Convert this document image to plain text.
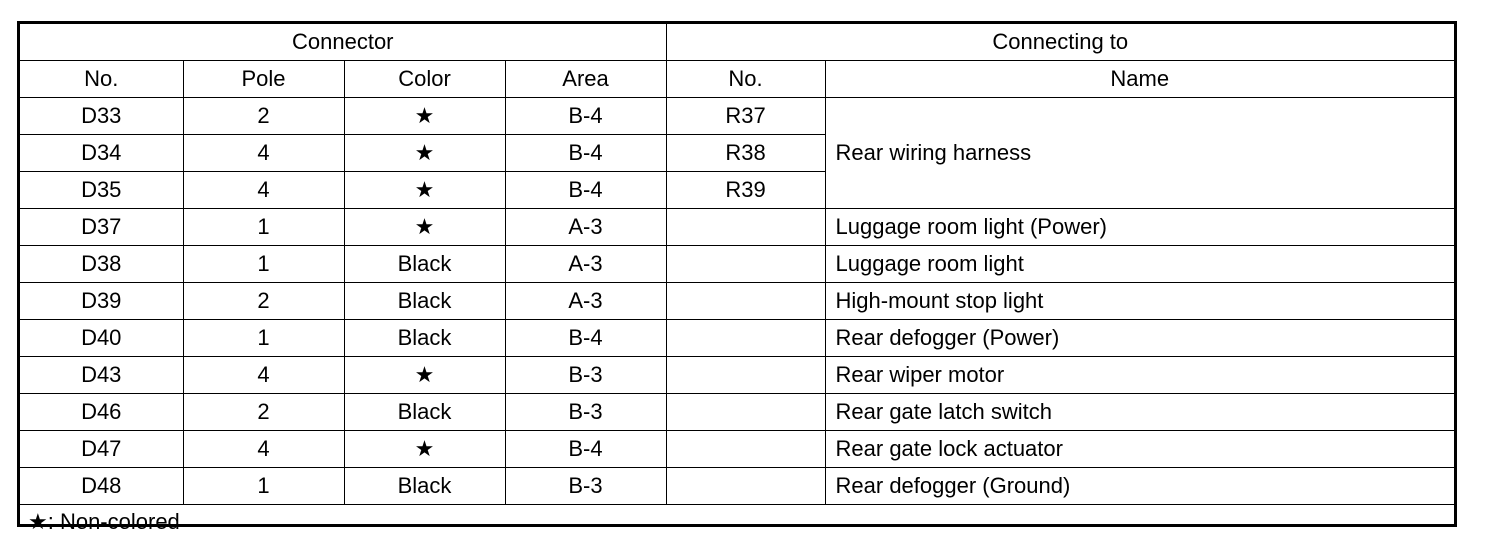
Connector				Connecting to	
No.	Pole	Color	Area	No.	Name
D33	2	★	B-4	R37	Rear wiring harness
D34	4	★	B-4	R38	
D35	4	★	B-4	R39	
D37	1	★	A-3		Luggage room light (Power)
D38	1	Black	A-3		Luggage room light
D39	2	Black	A-3		High-mount stop light
D40	1	Black	B-4		Rear defogger (Power)
D43	4	★	B-3		Rear wiper motor
D46	2	Black	B-3		Rear gate latch switch
D47	4	★	B-4		Rear gate lock actuator
D48	1	Black	B-3		Rear defogger (Ground)
★: Non-colored					
